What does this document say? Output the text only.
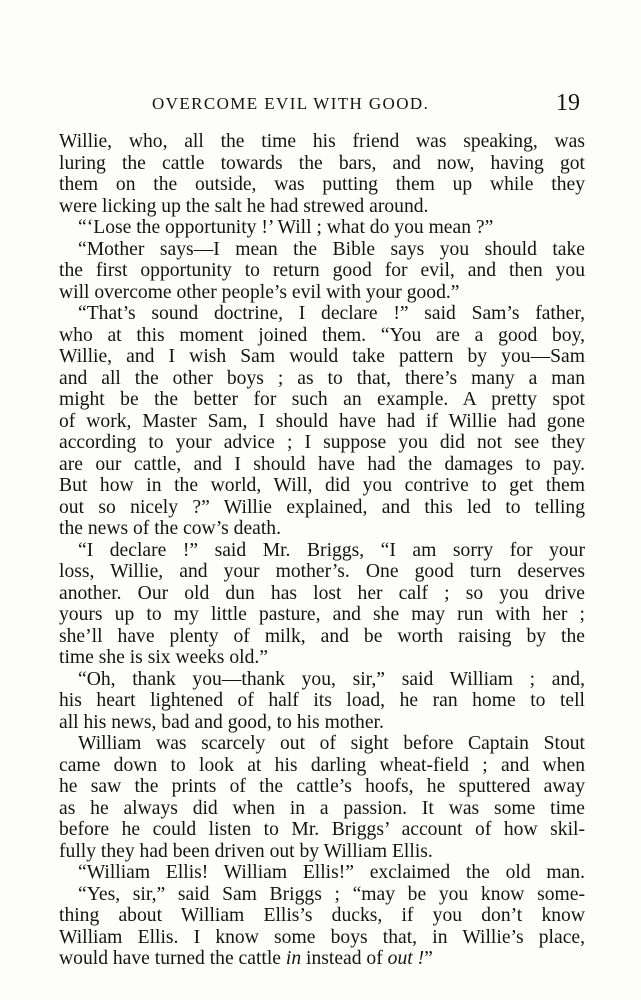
OVERCOME EVIL WITH GOOD.	19
Willie, who, all the time his friend was speaking, was
luring the cattle towards the bars, and now, having got
them on the outside, was putting them up while they
were licking up the salt he had strewed around.
“‘Lose the opportunity !’ Will ; what do you mean ?”
“Mother says—I mean the Bible says you should take
the first opportunity to return good for evil, and then you
will overcome other people’s evil with your good.”
“That’s sound doctrine, I declare !” said Sam’s father,
who at this moment joined them. “You are a good boy,
Willie, and I wish Sam would take pattern by you—Sam
and all the other boys ; as to that, there’s many a man
might be the better for such an example. A pretty spot
of work, Master Sam, I should have had if Willie had gone
according to your advice ; I suppose you did not see they
are our cattle, and I should have had the damages to pay.
But how in the world, Will, did you contrive to get them
out so nicely ?” Willie explained, and this led to telling
the news of the cow’s death.
“I declare !” said Mr. Briggs, “I am sorry for your
loss, Willie, and your mother’s. One good turn deserves
another. Our old dun has lost her calf ; so you drive
yours up to my little pasture, and she may run with her ;
she’ll have plenty of milk, and be worth raising by the
time she is six weeks old.”
“Oh, thank you—thank you, sir,” said William ; and,
his heart lightened of half its load, he ran home to tell
all his news, bad and good, to his mother.
William was scarcely out of sight before Captain Stout
came down to look at his darling wheat-field ; and when
he saw the prints of the cattle’s hoofs, he sputtered away
as he always did when in a passion. It was some time
before he could listen to Mr. Briggs’ account of how skil-
fully they had been driven out by William Ellis.
“William Ellis! William Ellis!” exclaimed the old man.
“Yes, sir,” said Sam Briggs ; “may be you know some-
thing about William Ellis’s ducks, if you don’t know
William Ellis. I know some boys that, in Willie’s place,
would have turned the cattle in instead of out !”
